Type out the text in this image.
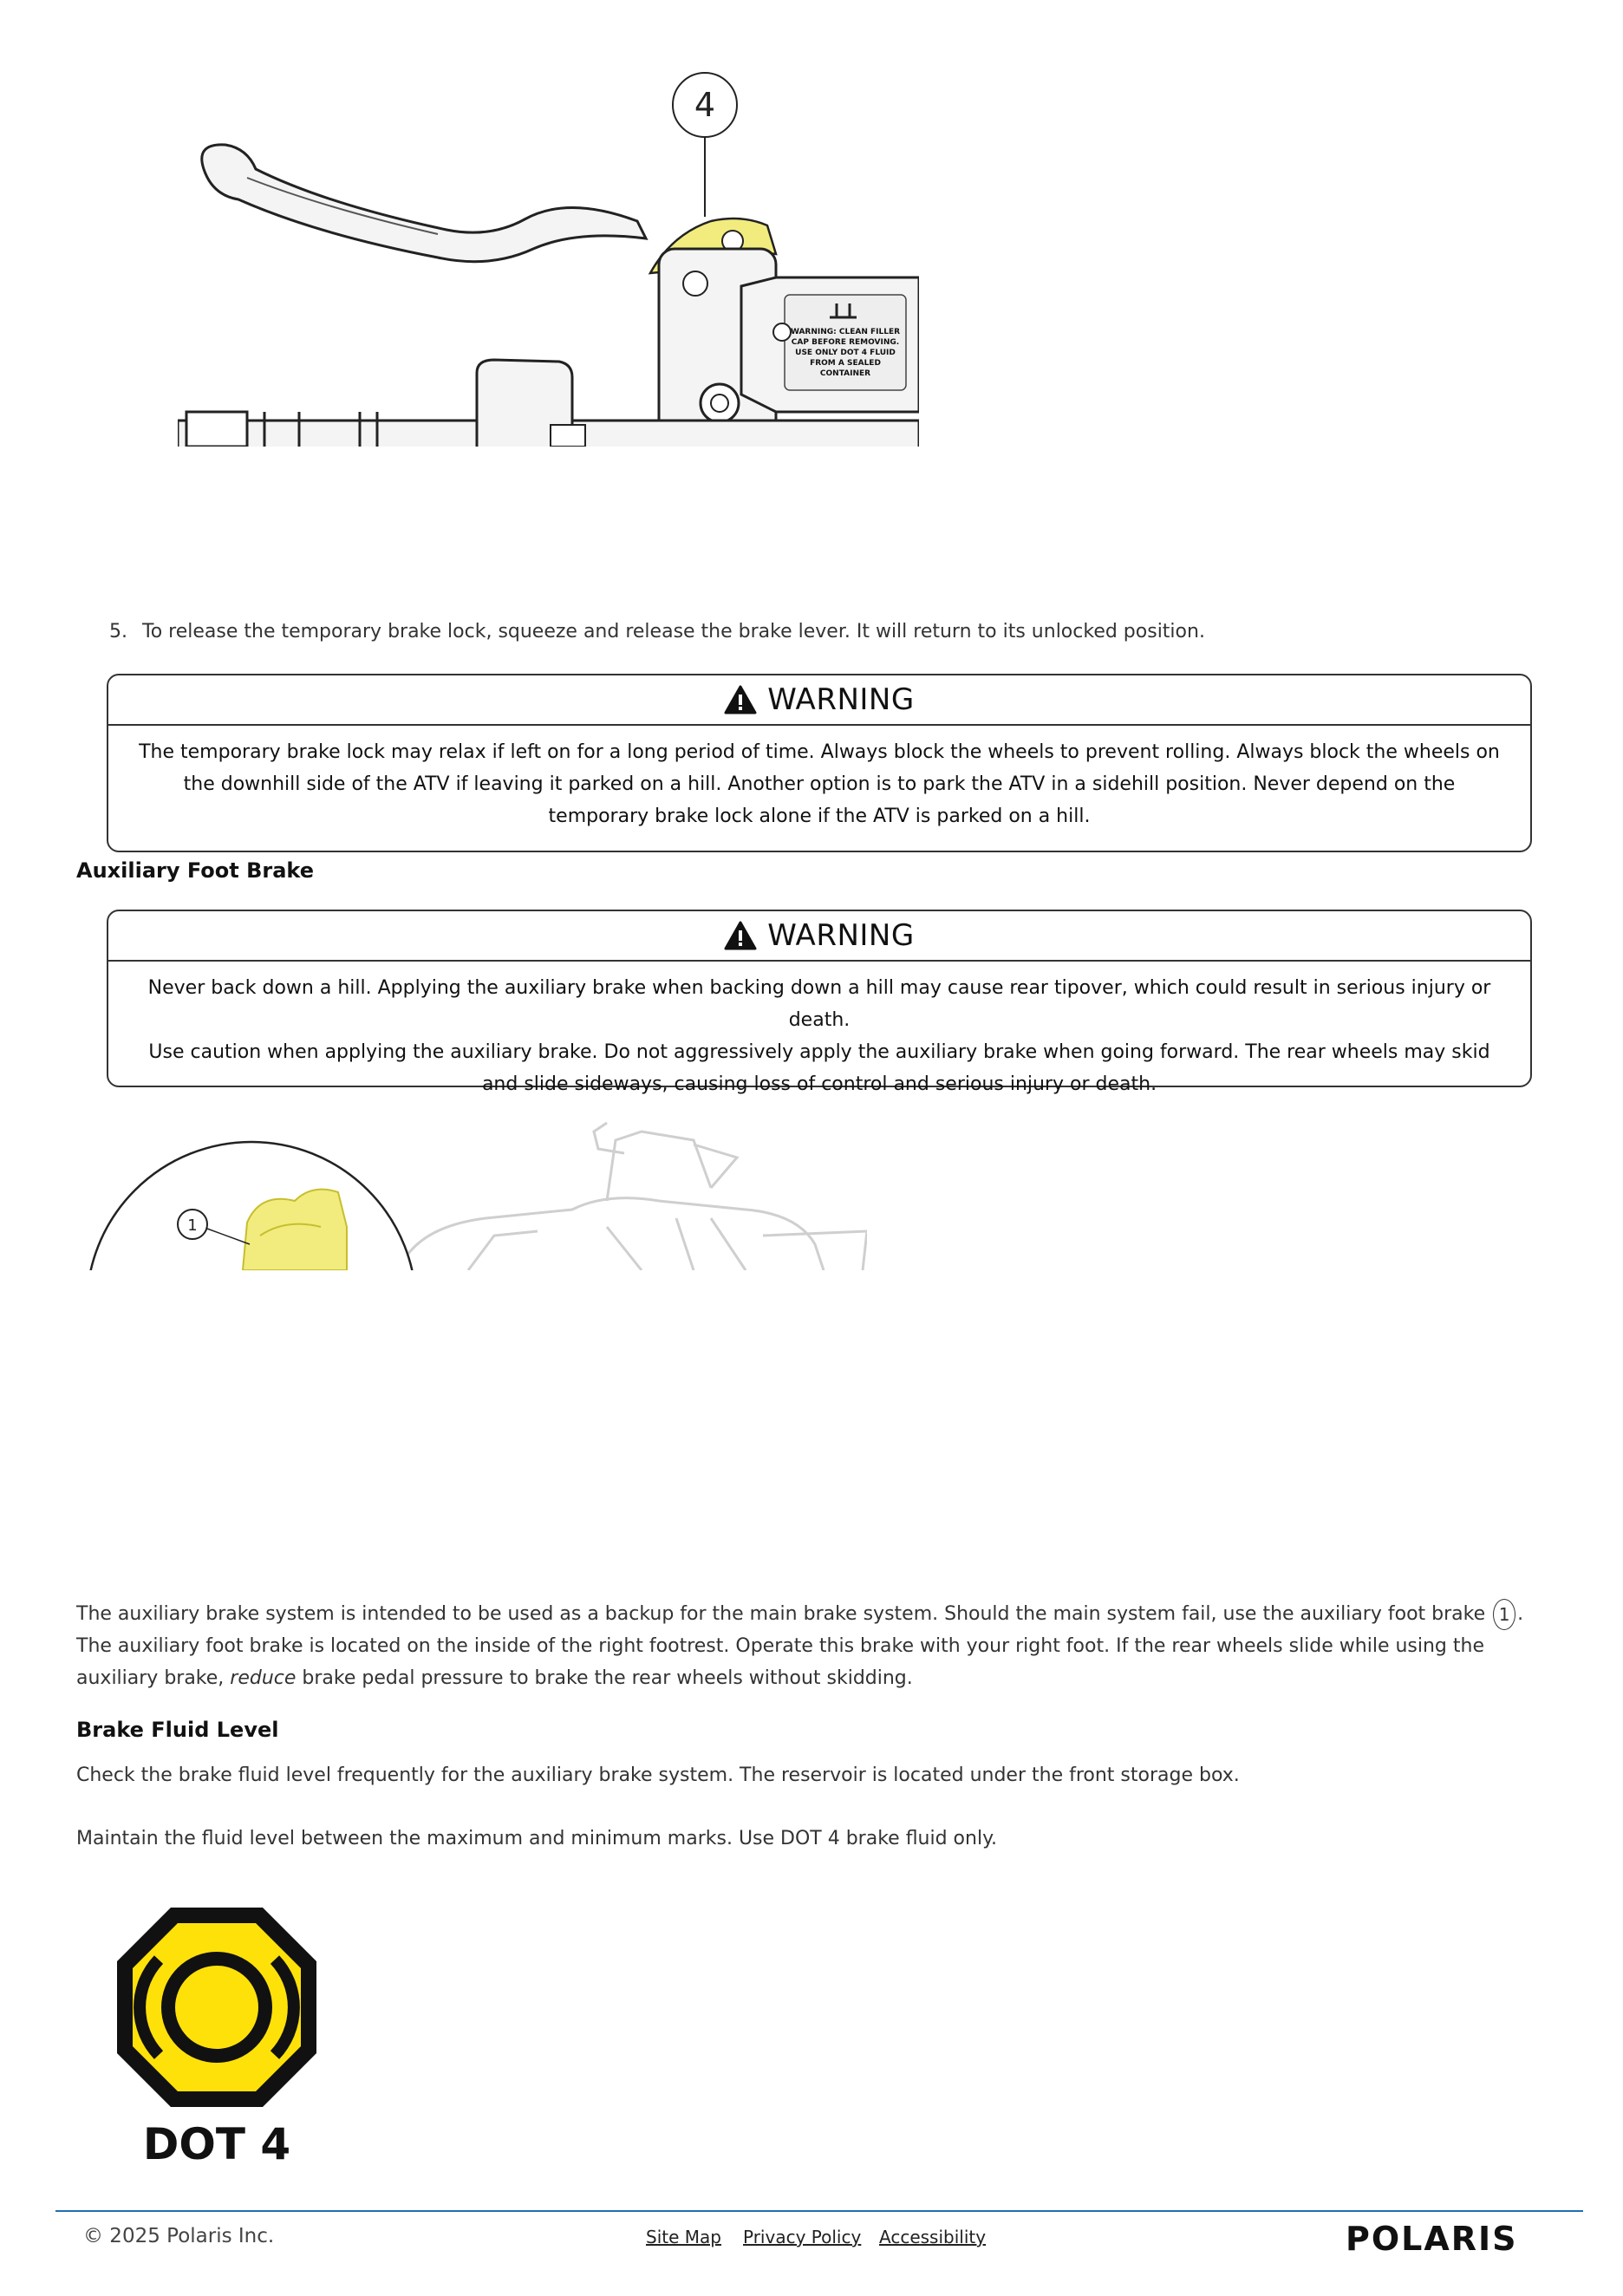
4
WARNING: CLEAN FILLER
CAP BEFORE REMOVING.
USE ONLY DOT 4 FLUID
FROM A SEALED
CONTAINER
5. To release the temporary brake lock, squeeze and release the brake lever. It will return to its unlocked position.
WARNING
The temporary brake lock may relax if left on for a long period of time. Always block the wheels to prevent rolling. Always block the wheels on the downhill side of the ATV if leaving it parked on a hill. Another option is to park the ATV in a sidehill position. Never depend on the temporary brake lock alone if the ATV is parked on a hill.
Auxiliary Foot Brake
WARNING
Never back down a hill. Applying the auxiliary brake when backing down a hill may cause rear tipover, which could result in serious injury or death.
Use caution when applying the auxiliary brake. Do not aggressively apply the auxiliary brake when going forward. The rear wheels may skid and slide sideways, causing loss of control and serious injury or death.
1
The auxiliary brake system is intended to be used as a backup for the main brake system. Should the main system fail, use the auxiliary foot brake 1 .
The auxiliary foot brake is located on the inside of the right footrest. Operate this brake with your right foot. If the rear wheels slide while using the auxiliary brake, reduce brake pedal pressure to brake the rear wheels without skidding.
Brake Fluid Level
Check the brake fluid level frequently for the auxiliary brake system. The reservoir is located under the front storage box.
Maintain the fluid level between the maximum and minimum marks. Use DOT 4 brake fluid only.
DOT 4
© 2025 Polaris Inc.	Site Map Privacy Policy Accessibility	POLARIS
